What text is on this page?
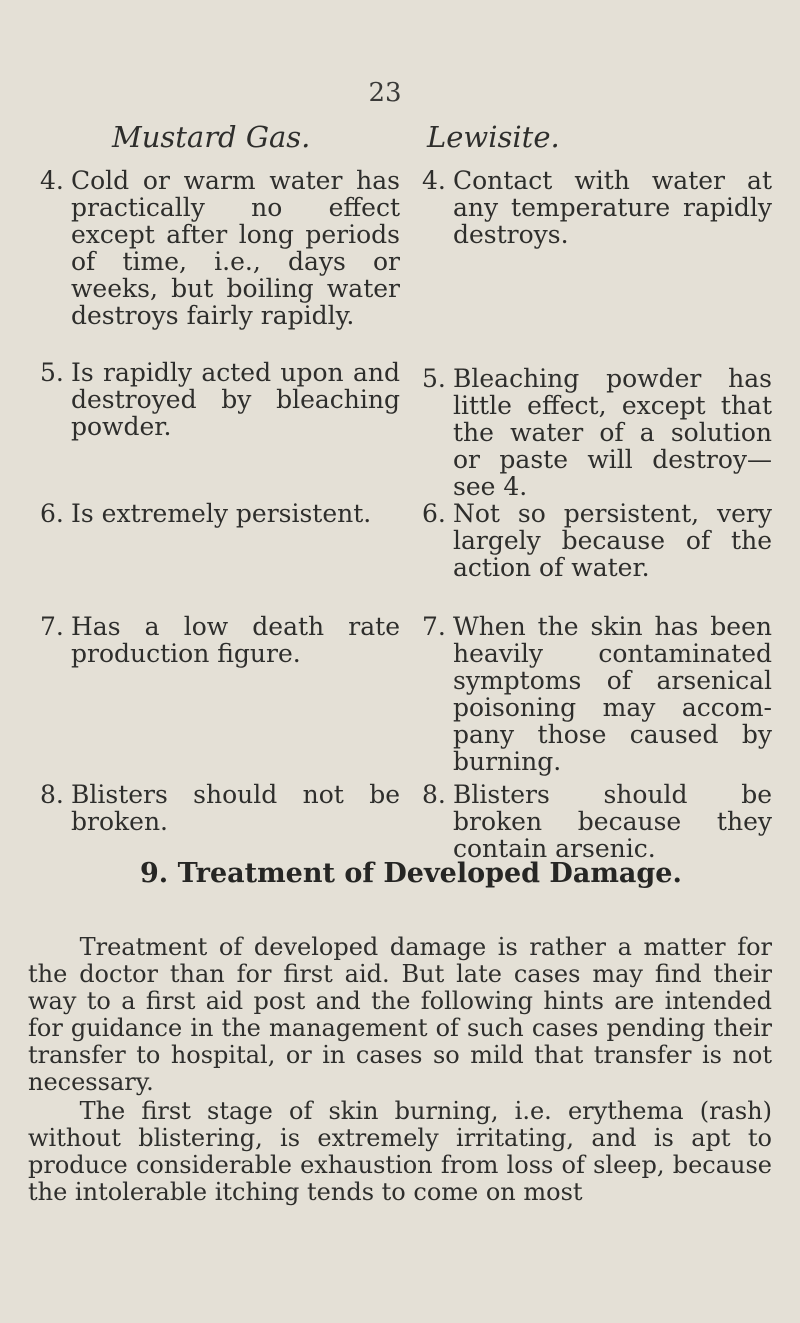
23
Mustard Gas.	Lewisite.
4. Cold or warm water has practically no effect except after long periods of time, i.e., days or weeks, but boiling water destroys fairly rapidly.
5. Is rapidly acted upon and destroyed by bleaching powder.
6. Is extremely persistent.
7. Has a low death rate production figure.
8. Blisters should not be broken.
4. Contact with water at any temperature rapidly destroys.
5. Bleaching powder has little effect, except that the water of a solution or paste will destroy—see 4.
6. Not so persistent, very largely because of the action of water.
7. When the skin has been heavily contaminated symptoms of arsenical poisoning may accom-pany those caused by burning.
8. Blisters should be broken because they contain arsenic.
9. Treatment of Developed Damage.

Treatment of developed damage is rather a matter for the doctor than for first aid. But late cases may find their way to a first aid post and the following hints are intended for guidance in the management of such cases pending their transfer to hospital, or in cases so mild that transfer is not necessary.

The first stage of skin burning, i.e. erythema (rash) without blistering, is extremely irritating, and is apt to produce considerable exhaustion from loss of sleep, because the intolerable itching tends to come on most
